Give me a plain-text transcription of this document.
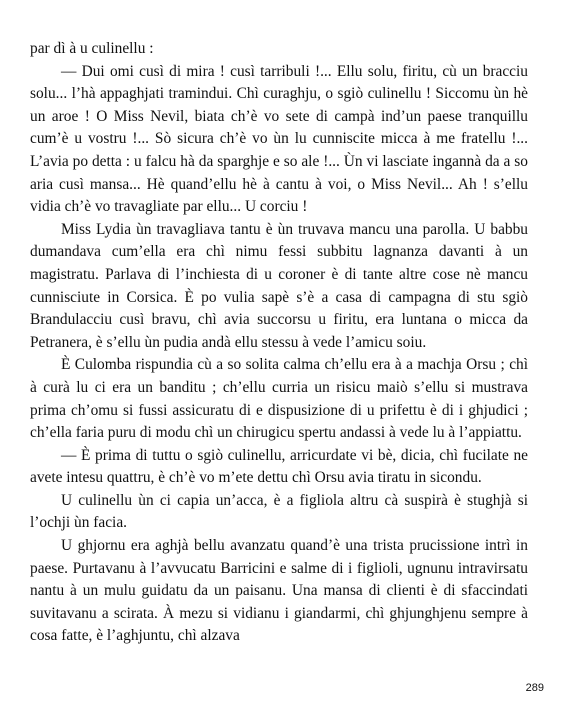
par dì à u culinellu :

— Dui omi cusì di mira ! cusì tarribuli !... Ellu solu, firitu, cù un bracciu solu... l’hà appaghjati tramindui. Chì curaghju, o sgiò culinellu ! Siccomu ùn hè un aroe ! O Miss Nevil, biata ch’è vo sete di campà ind’un paese tranquillu cum’è u vostru !... Sò sicura ch’è vo ùn lu cunniscite micca à me fratellu !... L’avia po detta : u falcu hà da sparghje e so ale !... Ùn vi lasciate ingannà da a so aria cusì mansa... Hè quand’ellu hè à cantu à voi, o Miss Nevil... Ah ! s’ellu vidia ch’è vo travagliate par ellu... U corciu !

Miss Lydia ùn travagliava tantu è ùn truvava mancu una parolla. U babbu dumandava cum’ella era chì nimu fessi subbitu lagnanza davanti à un magistratu. Parlava di l’inchiesta di u coroner è di tante altre cose nè mancu cunnisciute in Corsica. È po vulia sapè s’è a casa di campagna di stu sgiò Brandulacciu cusì bravu, chì avia succorsu u firitu, era luntana o micca da Petranera, è s’ellu ùn pudia andà ellu stessu à vede l’amicu soiu.

È Culomba rispundia cù a so solita calma ch’ellu era à a machja Orsu ; chì à curà lu ci era un banditu ; ch’ellu curria un risicu maiò s’ellu si mustrava prima ch’omu si fussi assicuratu di e dispusizione di u prifettu è di i ghjudici ; ch’ella faria puru di modu chì un chirugicu spertu andassi à vede lu à l’appiattu.

— È prima di tuttu o sgiò culinellu, arricurdate vi bè, dicia, chì fucilate ne avete intesu quattru, è ch’è vo m’ete dettu chì Orsu avia tiratu in sicondu.

U culinellu ùn ci capia un’acca, è a figliola altru cà suspirà è stughjà si l’ochji ùn facia.

U ghjornu era aghjà bellu avanzatu quand’è una trista prucissione intrì in paese. Purtavanu à l’avvucatu Barricini e salme di i figlioli, ugnunu intravirsatu nantu à un mulu guidatu da un paisanu. Una mansa di clienti è di sfaccindati suvitavanu a scirata. À mezu si vidianu i giandarmi, chì ghjunghjenu sempre à cosa fatte, è l’aghjuntu, chì alzava

289
